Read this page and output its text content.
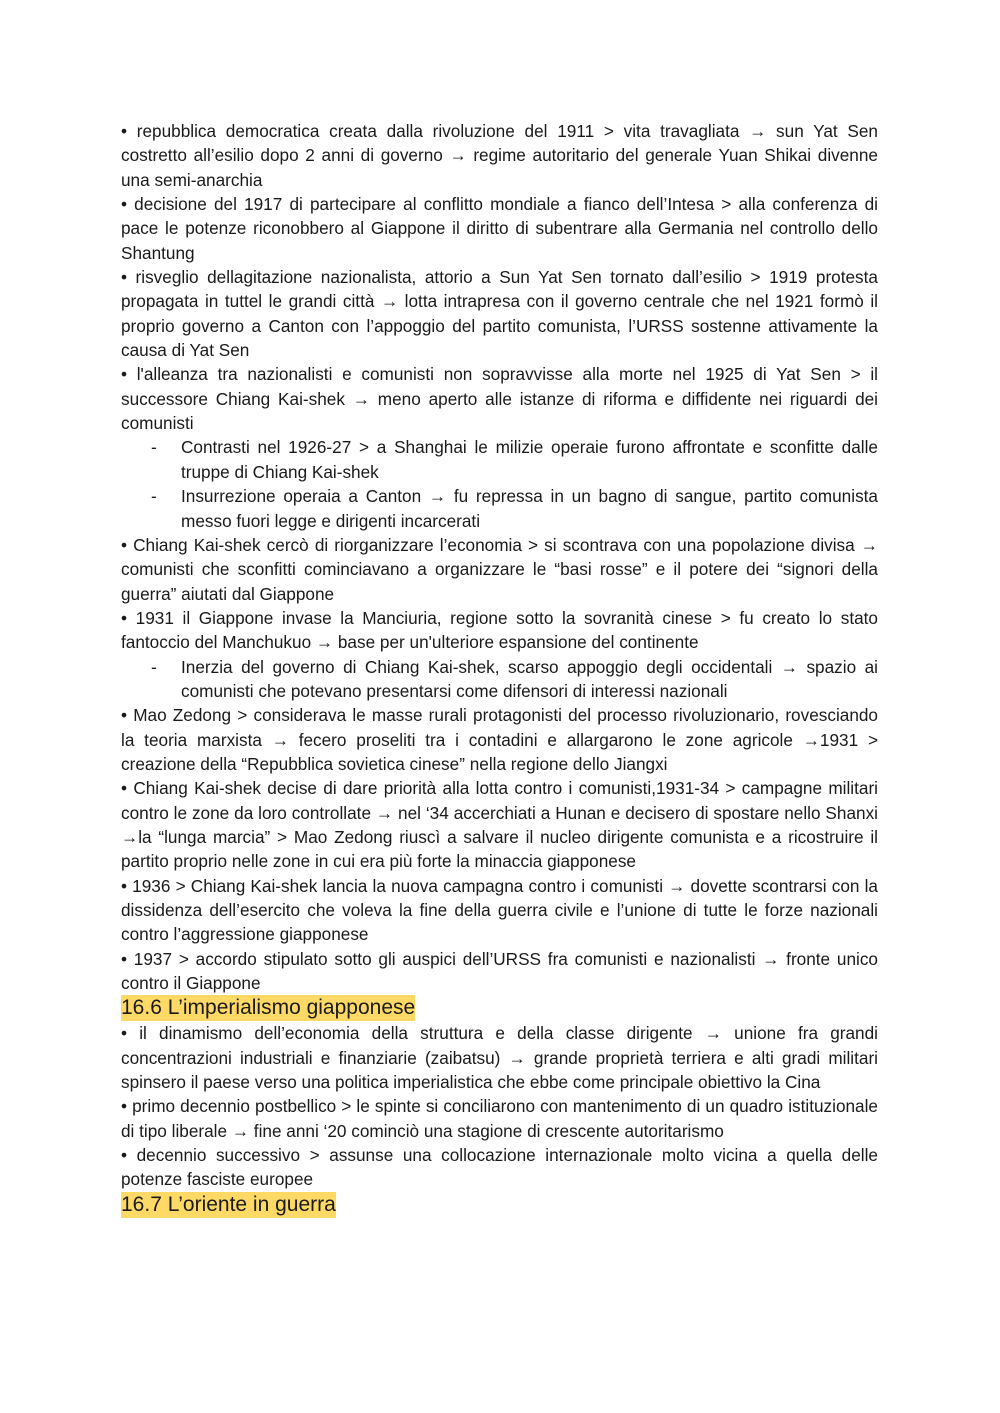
• repubblica democratica creata dalla rivoluzione del 1911 > vita travagliata → sun Yat Sen costretto all’esilio dopo 2 anni di governo → regime autoritario del generale Yuan Shikai divenne una semi-anarchia

• decisione del 1917 di partecipare al conflitto mondiale a fianco dell’Intesa > alla conferenza di pace le potenze riconobbero al Giappone il diritto di subentrare alla Germania nel controllo dello Shantung

• risveglio dellagitazione nazionalista, attorio a Sun Yat Sen tornato dall’esilio > 1919 protesta propagata in tuttel le grandi città → lotta intrapresa con il governo centrale che nel 1921 formò il proprio governo a Canton con l’appoggio del partito comunista, l’URSS sostenne attivamente la causa di Yat Sen

• l'alleanza tra nazionalisti e comunisti non sopravvisse alla morte nel 1925 di Yat Sen > il successore Chiang Kai-shek → meno aperto alle istanze di riforma e diffidente nei riguardi dei comunisti

- Contrasti nel 1926-27 > a Shanghai le milizie operaie furono affrontate e sconfitte dalle truppe di Chiang Kai-shek

- Insurrezione operaia a Canton → fu repressa in un bagno di sangue, partito comunista messo fuori legge e dirigenti incarcerati

• Chiang Kai-shek cercò di riorganizzare l’economia > si scontrava con una popolazione divisa → comunisti che sconfitti cominciavano a organizzare le “basi rosse” e il potere dei “signori della guerra” aiutati dal Giappone

• 1931 il Giappone invase la Manciuria, regione sotto la sovranità cinese > fu creato lo stato fantoccio del Manchukuo → base per un'ulteriore espansione del continente

- Inerzia del governo di Chiang Kai-shek, scarso appoggio degli occidentali → spazio ai comunisti che potevano presentarsi come difensori di interessi nazionali

• Mao Zedong > considerava le masse rurali protagonisti del processo rivoluzionario, rovesciando la teoria marxista → fecero proseliti tra i contadini e allargarono le zone agricole →1931 > creazione della “Repubblica sovietica cinese” nella regione dello Jiangxi

• Chiang Kai-shek decise di dare priorità alla lotta contro i comunisti,1931-34 > campagne militari contro le zone da loro controllate → nel ‘34 accerchiati a Hunan e decisero di spostare nello Shanxi →la “lunga marcia” > Mao Zedong riuscì a salvare il nucleo dirigente comunista e a ricostruire il partito proprio nelle zone in cui era più forte la minaccia giapponese

• 1936 > Chiang Kai-shek lancia la nuova campagna contro i comunisti → dovette scontrarsi con la dissidenza dell’esercito che voleva la fine della guerra civile e l’unione di tutte le forze nazionali contro l’aggressione giapponese

• 1937 > accordo stipulato sotto gli auspici dell’URSS fra comunisti e nazionalisti → fronte unico contro il Giappone

16.6 L’imperialismo giapponese

• il dinamismo dell’economia della struttura e della classe dirigente → unione fra grandi concentrazioni industriali e finanziarie (zaibatsu) → grande proprietà terriera e alti gradi militari spinsero il paese verso una politica imperialistica che ebbe come principale obiettivo la Cina

• primo decennio postbellico > le spinte si conciliarono con mantenimento di un quadro istituzionale di tipo liberale → fine anni ‘20 cominciò una stagione di crescente autoritarismo

• decennio successivo > assunse una collocazione internazionale molto vicina a quella delle potenze fasciste europee

16.7 L’oriente in guerra
